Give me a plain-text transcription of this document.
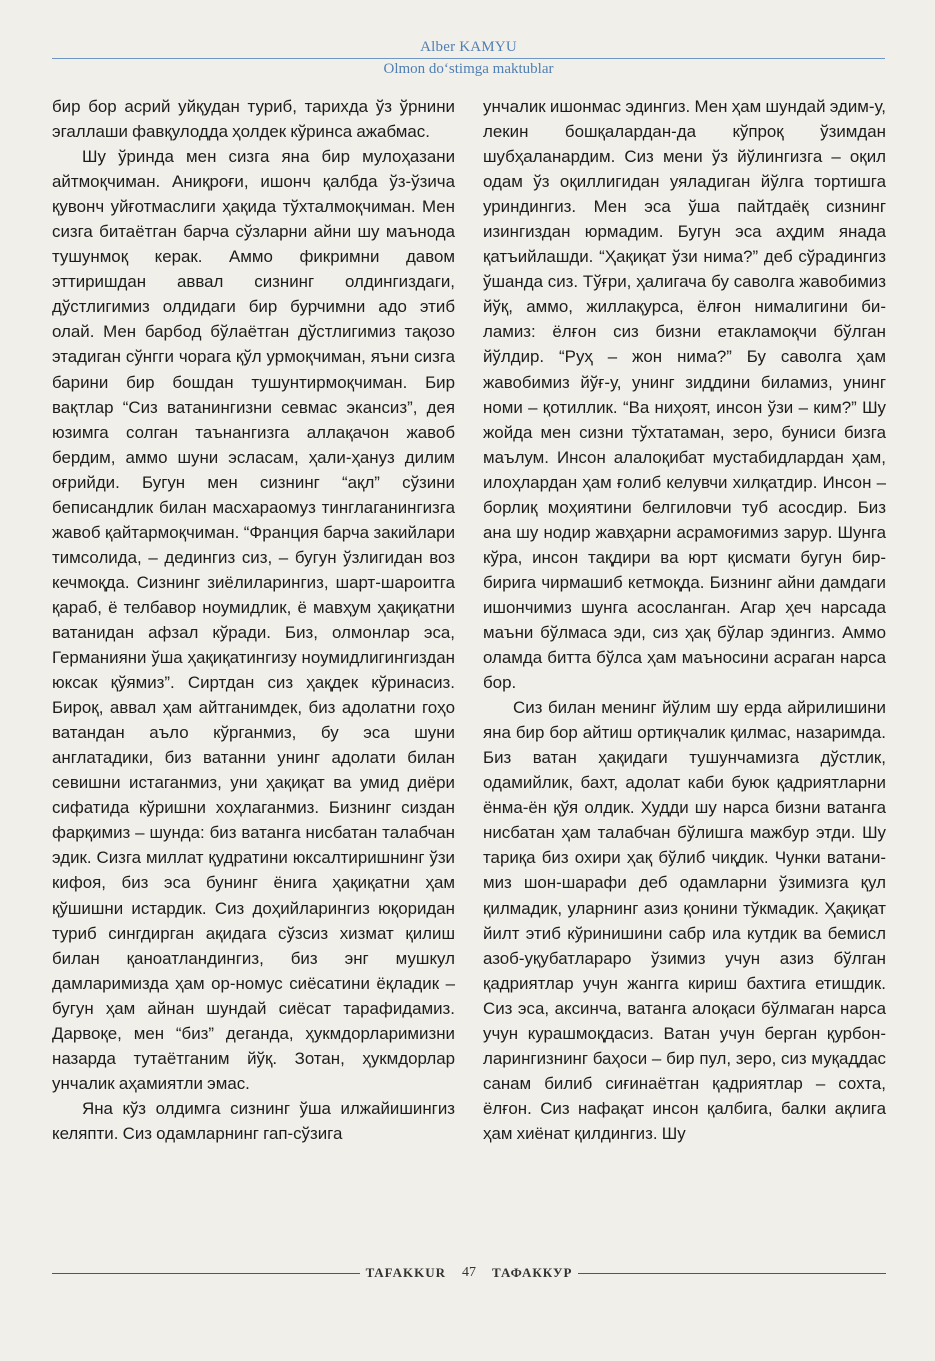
Alber KAMYU
Olmon do‘stimga maktublar

бир бор асрий уйқудан туриб, тарихда ўз ўрнини эгаллаши фавқулодда ҳолдек кўринса ажабмас.

Шу ўринда мен сизга яна бир мулоҳазани айтмоқчиман. Аниқроғи, ишонч қалбда ўз-ўзича қувонч уйғотмаслиги ҳақида тўхталмоқчиман. Мен сизга битаётган барча сўзларни айни шу маънода тушунмоқ керак. Аммо фикримни давом эттиришдан аввал сизнинг олдингиздаги, дўстлигимиз олдидаги бир бурчимни адо этиб олай. Мен барбод бўлаётган дўстлигимиз тақозо этадиган сўнгги чорага қўл урмоқчиман, яъни сизга барини бир бошдан тушунтирмоқчиман. Бир вақтлар “Сиз ватанингизни севмас экансиз”, дея юзимга солган таънангизга аллақачон жавоб бердим, аммо шуни эсласам, ҳали-ҳануз дилим оғрийди. Бугун мен сизнинг “ақл” сўзини беписандлик билан масхараомуз тинглаганингизга жавоб қайтармоқчиман. “Франция барча закийлари тимсолида, – дедингиз сиз, – бугун ўзлигидан воз кечмоқда. Сизнинг зиёлиларингиз, шарт-шароитга қараб, ё телбавор ноумидлик, ё мавҳум ҳақиқатни ватанидан афзал кўради. Биз, олмонлар эса, Германияни ўша ҳақиқатингизу ноумидлигингиздан юксак қўямиз”. Сиртдан сиз ҳақдек кўринасиз. Бироқ, аввал ҳам айтганимдек, биз адолатни гоҳо ватандан аъло кўрганмиз, бу эса шуни англатадики, биз ватанни унинг адолати билан севишни истаганмиз, уни ҳақиқат ва умид диёри сифатида кўришни хоҳлаганмиз. Бизнинг сиздан фарқимиз – шунда: биз ватанга нисбатан талабчан эдик. Сизга миллат қудратини юксалтиришнинг ўзи кифоя, биз эса бунинг ёнига ҳақиқатни ҳам қўшишни истардик. Сиз доҳийларингиз юқоридан туриб сингдирган ақидага сўзсиз хизмат қилиш билан қаноатландингиз, биз энг мушкул дамларимизда ҳам ор-номус сиёсатини ёқладик – бугун ҳам айнан шундай сиёсат тарафидамиз. Дарвоқе, мен “биз” деганда, ҳукмдорларимизни назарда тутаётганим йўқ. Зотан, ҳукмдорлар унчалик аҳамиятли эмас.

Яна кўз олдимга сизнинг ўша илжайишингиз келяпти. Сиз одамларнинг гап-сўзига

унчалик ишонмас эдингиз. Мен ҳам шундай эдим-у, лекин бошқалардан-да кўпроқ ўзимдан шубҳаланардим. Сиз мени ўз йўлингизга – оқил одам ўз оқиллигидан уяладиган йўлга тортишга уриндингиз. Мен эса ўша пайтдаёқ сизнинг изингиздан юрмадим. Бугун эса аҳдим янада қатъийлашди. “Ҳақиқат ўзи нима?” деб сўрадингиз ўшанда сиз. Тўғри, ҳалигача бу саволга жавобимиз йўқ, аммо, жиллақурса, ёлғон нималигини биламиз: ёлғон сиз бизни етакламоқчи бўлган йўлдир. “Руҳ – жон нима?” Бу саволга ҳам жавобимиз йўғ-у, унинг зиддини биламиз, унинг номи – қотиллик. “Ва ниҳоят, инсон ўзи – ким?” Шу жойда мен сизни тўхтатаман, зеро, буниси бизга маълум. Инсон алалоқибат мустабидлардан ҳам, илоҳлардан ҳам ғолиб келувчи хилқатдир. Инсон – борлиқ моҳиятини белгиловчи туб асосдир. Биз ана шу нодир жавҳарни асрамоғимиз зарур. Шунга кўра, инсон тақдири ва юрт қисмати бугун бир-бирига чирмашиб кетмоқда. Бизнинг айни дамдаги ишончимиз шунга асосланган. Агар ҳеч нарсада маъни бўлмаса эди, сиз ҳақ бўлар эдингиз. Аммо оламда битта бўлса ҳам маъносини асраган нарса бор.

Сиз билан менинг йўлим шу ерда айрилишини яна бир бор айтиш ортиқчалик қилмас, назаримда. Биз ватан ҳақидаги тушунчамизга дўстлик, одамийлик, бахт, адолат каби буюк қадриятларни ёнма-ён қўя олдик. Худди шу нарса бизни ватанга нисбатан ҳам талабчан бўлишга мажбур этди. Шу тариқа биз охири ҳақ бўлиб чиқдик. Чунки ватанимиз шон-шарафи деб одамларни ўзимизга қул қилмадик, уларнинг азиз қонини тўкмадик. Ҳақиқат йилт этиб кўринишини сабр ила кутдик ва бемисл азоб-уқубатлараро ўзимиз учун азиз бўлган қадриятлар учун жангга кириш бахтига етишдик. Сиз эса, аксинча, ватанга алоқаси бўлмаган нарса учун курашмоқдасиз. Ватан учун берган қурбонларингизнинг баҳоси – бир пул, зеро, сиз муқаддас санам билиб сиғинаётган қадриятлар – сохта, ёлғон. Сиз нафақат инсон қалбига, балки ақлига ҳам хиёнат қилдингиз. Шу

TAFAKKUR	47	ТАФАККУР
